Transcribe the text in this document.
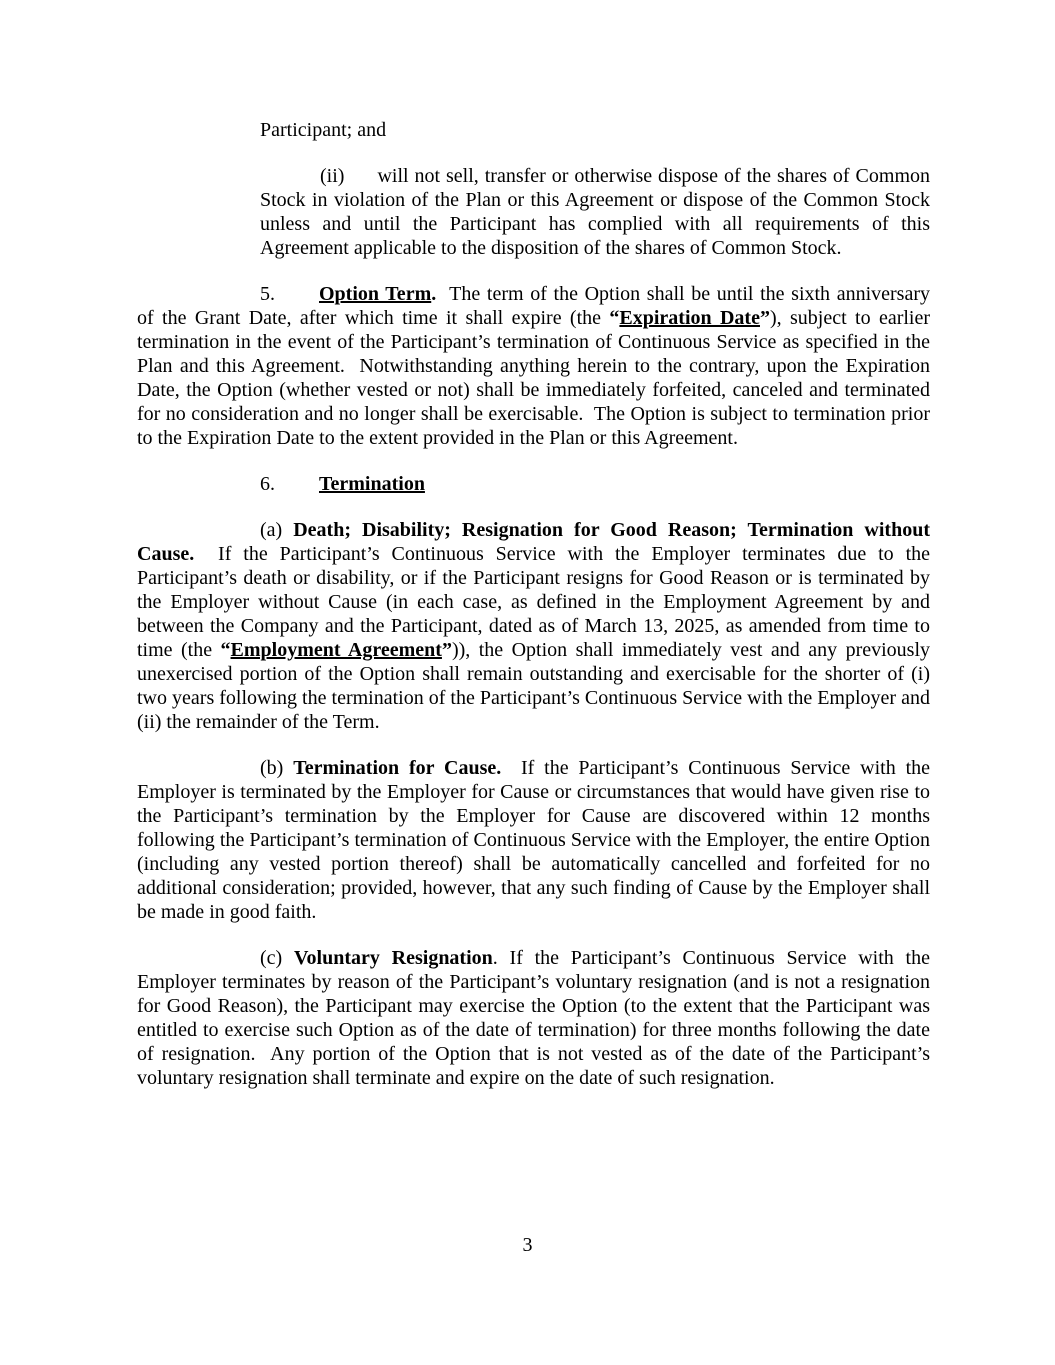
Participant; and

(ii) will not sell, transfer or otherwise dispose of the shares of Common Stock in violation of the Plan or this Agreement or dispose of the Common Stock unless and until the Participant has complied with all requirements of this Agreement applicable to the disposition of the shares of Common Stock.

5. Option Term.  The term of the Option shall be until the sixth anniversary of the Grant Date, after which time it shall expire (the “Expiration Date”), subject to earlier termination in the event of the Participant’s termination of Continuous Service as specified in the Plan and this Agreement.  Notwithstanding anything herein to the contrary, upon the Expiration Date, the Option (whether vested or not) shall be immediately forfeited, canceled and terminated for no consideration and no longer shall be exercisable.  The Option is subject to termination prior to the Expiration Date to the extent provided in the Plan or this Agreement.

6. Termination

(a) Death; Disability; Resignation for Good Reason; Termination without Cause.  If the Participant’s Continuous Service with the Employer terminates due to the Participant’s death or disability, or if the Participant resigns for Good Reason or is terminated by the Employer without Cause (in each case, as defined in the Employment Agreement by and between the Company and the Participant, dated as of March 13, 2025, as amended from time to time (the “Employment Agreement”)), the Option shall immediately vest and any previously unexercised portion of the Option shall remain outstanding and exercisable for the shorter of (i) two years following the termination of the Participant’s Continuous Service with the Employer and (ii) the remainder of the Term.

(b) Termination for Cause.  If the Participant’s Continuous Service with the Employer is terminated by the Employer for Cause or circumstances that would have given rise to the Participant’s termination by the Employer for Cause are discovered within 12 months following the Participant’s termination of Continuous Service with the Employer, the entire Option (including any vested portion thereof) shall be automatically cancelled and forfeited for no additional consideration; provided, however, that any such finding of Cause by the Employer shall be made in good faith.

(c) Voluntary Resignation. If the Participant’s Continuous Service with the Employer terminates by reason of the Participant’s voluntary resignation (and is not a resignation for Good Reason), the Participant may exercise the Option (to the extent that the Participant was entitled to exercise such Option as of the date of termination) for three months following the date of resignation.  Any portion of the Option that is not vested as of the date of the Participant’s voluntary resignation shall terminate and expire on the date of such resignation.

3
